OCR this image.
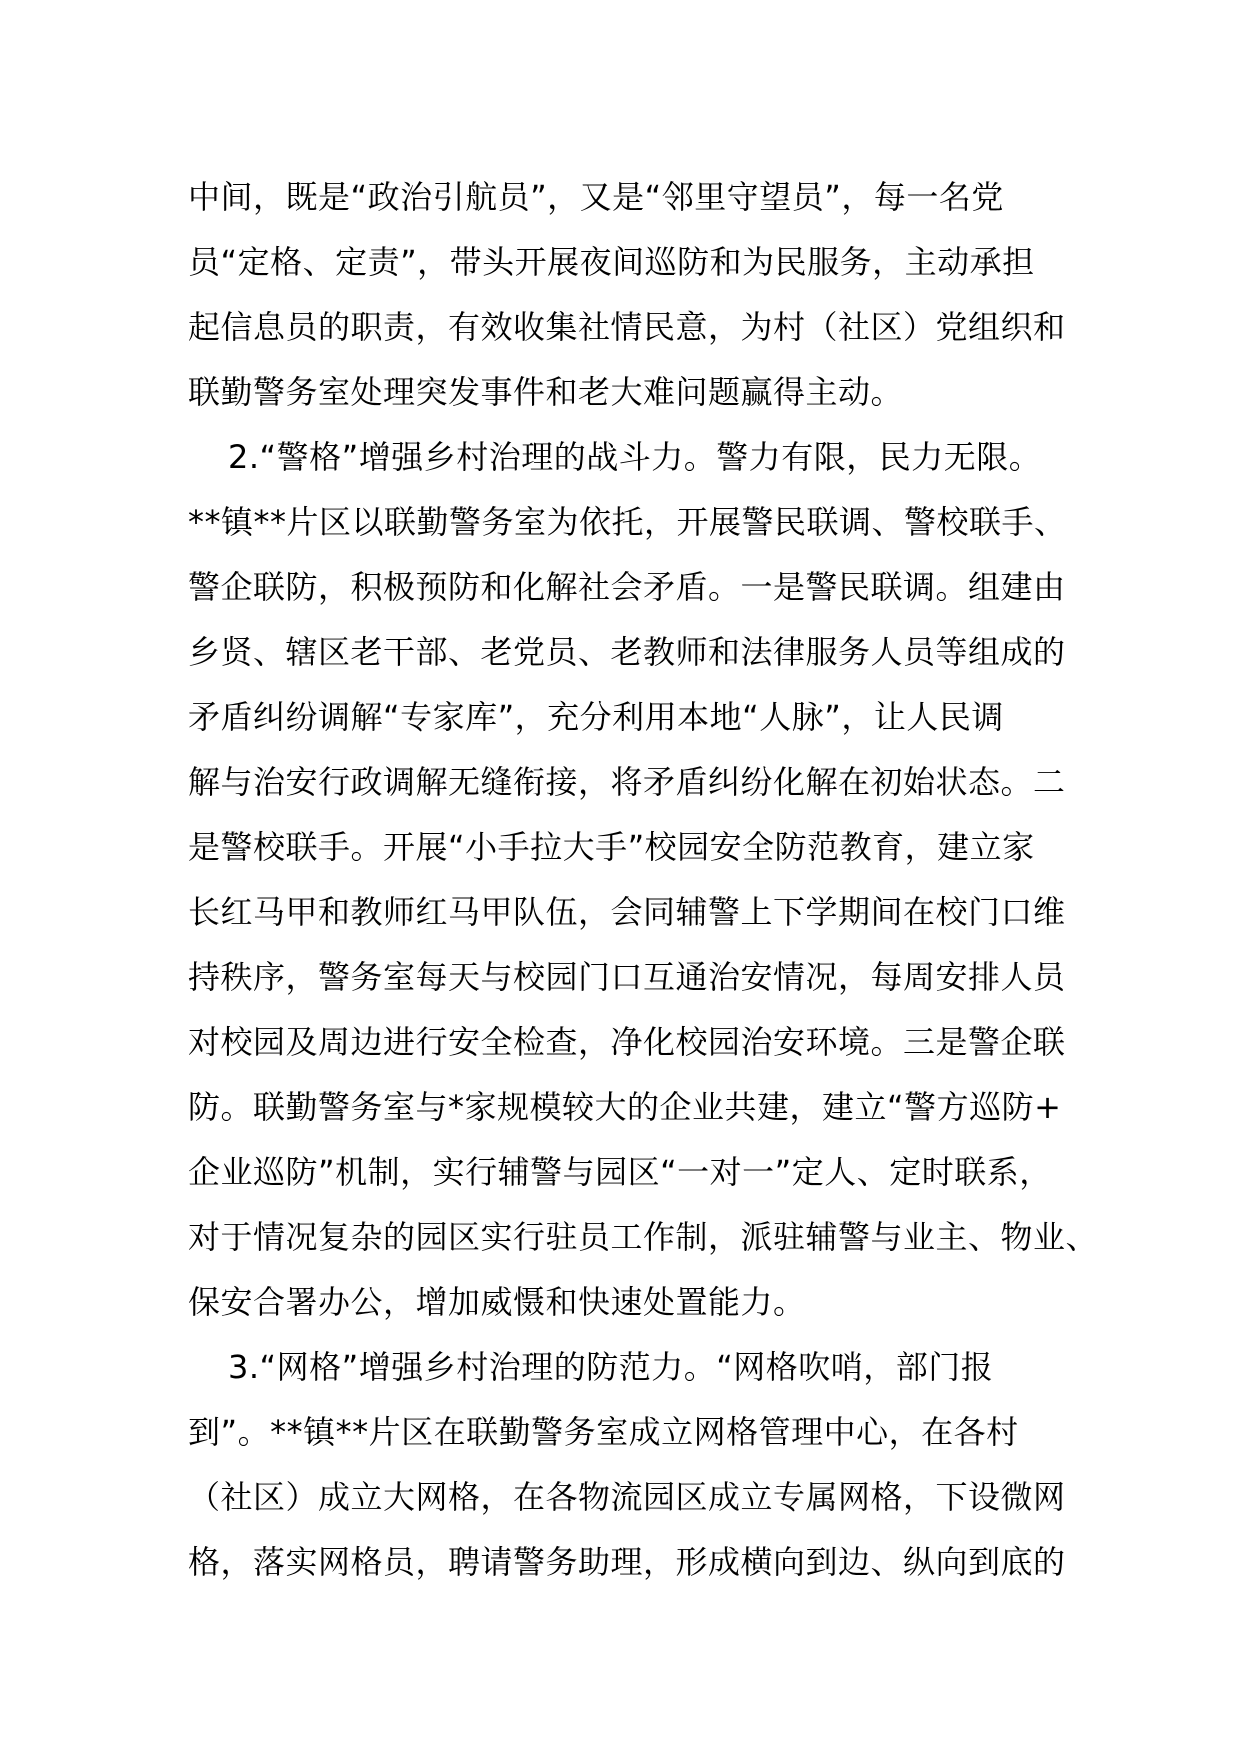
中间，既是“政治引航员”，又是“邻里守望员”，每一名党
员“定格、定责”，带头开展夜间巡防和为民服务，主动承担
起信息员的职责，有效收集社情民意，为村（社区）党组织和
联勤警务室处理突发事件和老大难问题赢得主动。
2.“警格”增强乡村治理的战斗力。警力有限，民力无限。
**镇**片区以联勤警务室为依托，开展警民联调、警校联手、
警企联防，积极预防和化解社会矛盾。一是警民联调。组建由
乡贤、辖区老干部、老党员、老教师和法律服务人员等组成的
矛盾纠纷调解“专家库”，充分利用本地“人脉”，让人民调
解与治安行政调解无缝衔接，将矛盾纠纷化解在初始状态。二
是警校联手。开展“小手拉大手”校园安全防范教育，建立家
长红马甲和教师红马甲队伍，会同辅警上下学期间在校门口维
持秩序，警务室每天与校园门口互通治安情况，每周安排人员
对校园及周边进行安全检查，净化校园治安环境。三是警企联
防。联勤警务室与*家规模较大的企业共建，建立“警方巡防+
企业巡防”机制，实行辅警与园区“一对一”定人、定时联系，
对于情况复杂的园区实行驻员工作制，派驻辅警与业主、物业、
保安合署办公，增加威慑和快速处置能力。
3.“网格”增强乡村治理的防范力。“网格吹哨，部门报
到”。**镇**片区在联勤警务室成立网格管理中心，在各村
（社区）成立大网格，在各物流园区成立专属网格，下设微网
格，落实网格员，聘请警务助理，形成横向到边、纵向到底的
